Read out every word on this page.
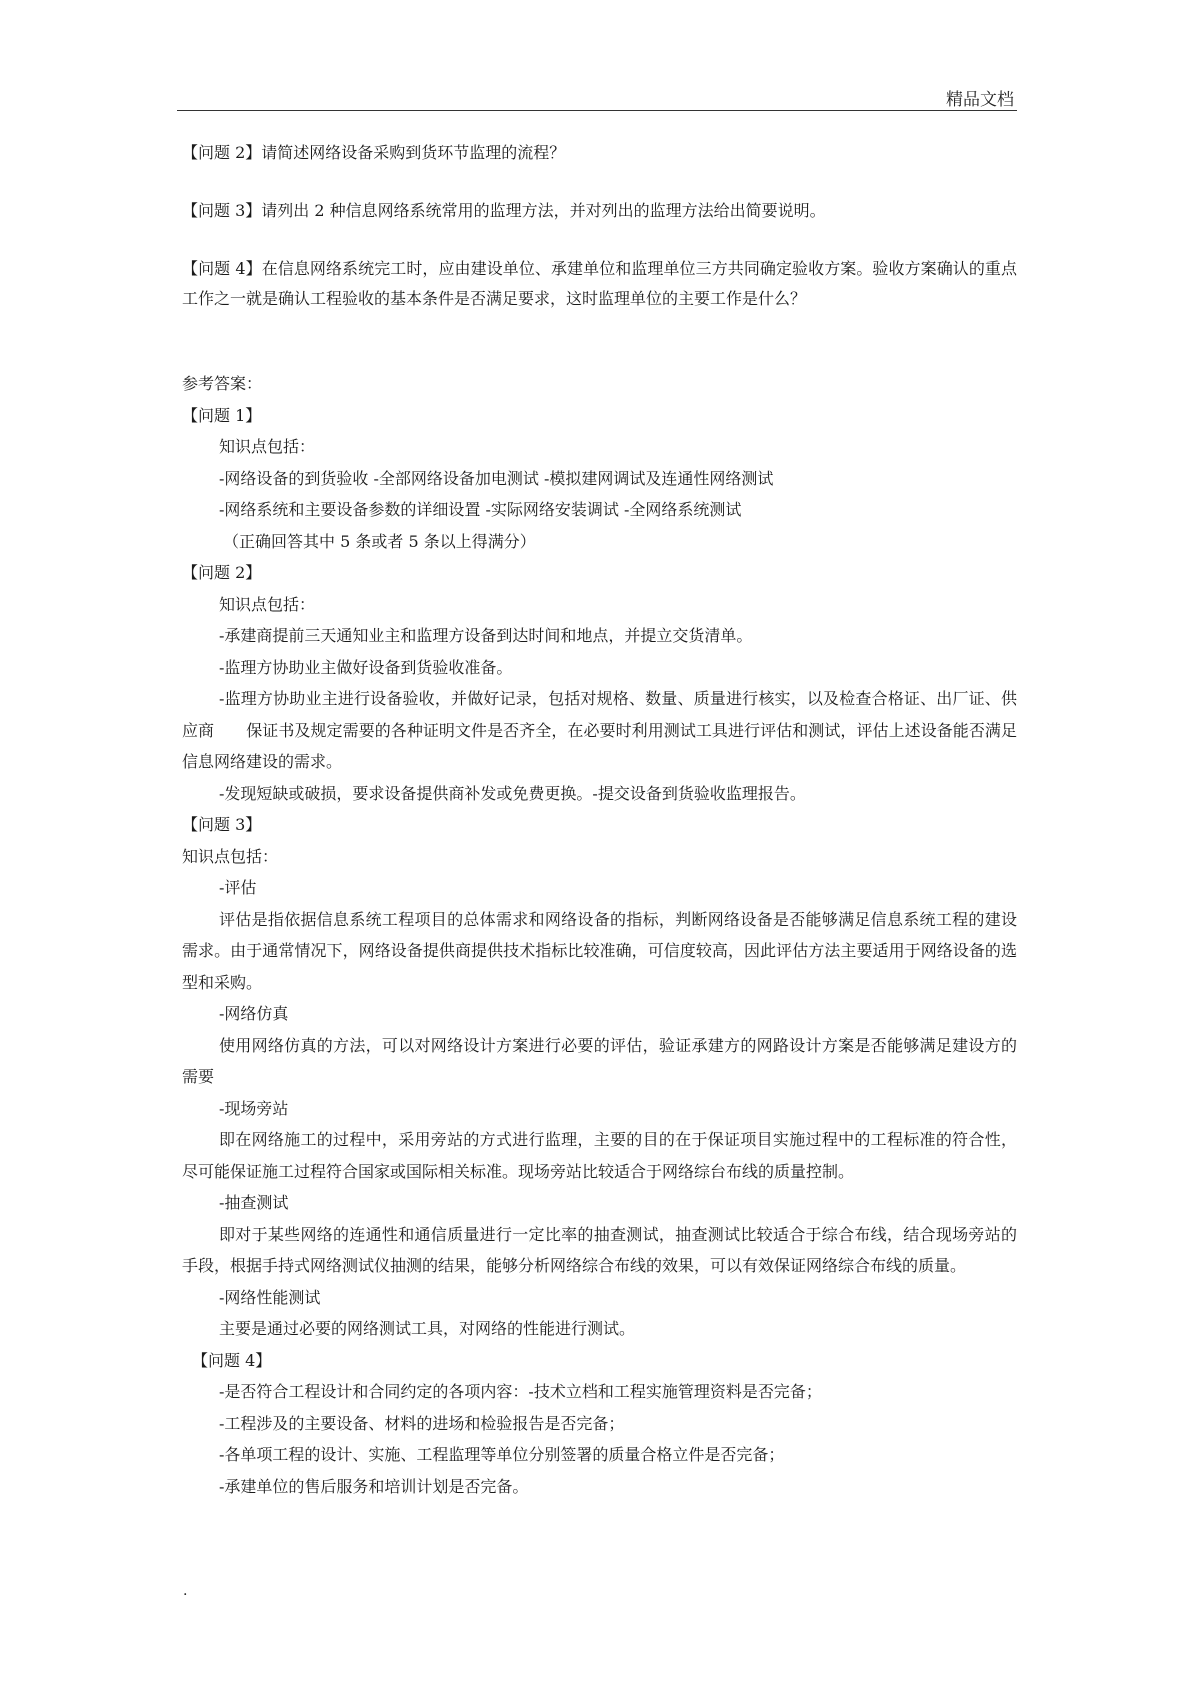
精品文档

【问题 2】请简述网络设备采购到货环节监理的流程？

【问题 3】请列出 2 种信息网络系统常用的监理方法，并对列出的监理方法给出简要说明。

【问题 4】在信息网络系统完工时，应由建设单位、承建单位和监理单位三方共同确定验收方案。验收方案确认的重点工作之一就是确认工程验收的基本条件是否满足要求，这时监理单位的主要工作是什么？

参考答案：

【问题 1】

知识点包括：

-网络设备的到货验收 -全部网络设备加电测试 -模拟建网调试及连通性网络测试

-网络系统和主要设备参数的详细设置 -实际网络安装调试 -全网络系统测试

（正确回答其中 5 条或者 5 条以上得满分）

【问题 2】

知识点包括：

-承建商提前三天通知业主和监理方设备到达时间和地点，并提立交货清单。

-监理方协助业主做好设备到货验收准备。

-监理方协助业主进行设备验收，并做好记录，包括对规格、数量、质量进行核实，以及检查合格证、出厂证、供应商　　保证书及规定需要的各种证明文件是否齐全，在必要时利用测试工具进行评估和测试，评估上述设备能否满足信息网络建设的需求。

-发现短缺或破损，要求设备提供商补发或免费更换。-提交设备到货验收监理报告。

【问题 3】

知识点包括：

-评估

评估是指依据信息系统工程项目的总体需求和网络设备的指标，判断网络设备是否能够满足信息系统工程的建设需求。由于通常情况下，网络设备提供商提供技术指标比较准确，可信度较高，因此评估方法主要适用于网络设备的选型和采购。

-网络仿真

使用网络仿真的方法，可以对网络设计方案进行必要的评估，验证承建方的网路设计方案是否能够满足建设方的需要

-现场旁站

即在网络施工的过程中，采用旁站的方式进行监理，主要的目的在于保证项目实施过程中的工程标准的符合性，尽可能保证施工过程符合国家或国际相关标准。现场旁站比较适合于网络综台布线的质量控制。

-抽查测试

即对于某些网络的连通性和通信质量进行一定比率的抽查测试，抽查测试比较适合于综合布线，结合现场旁站的手段，根据手持式网络测试仪抽测的结果，能够分析网络综合布线的效果，可以有效保证网络综合布线的质量。

-网络性能测试

主要是通过必要的网络测试工具，对网络的性能进行测试。

【问题 4】

-是否符合工程设计和合同约定的各项内容：-技术立档和工程实施管理资料是否完备；

-工程涉及的主要设备、材料的进场和检验报告是否完备；

-各单项工程的设计、实施、工程监理等单位分别签署的质量合格立件是否完备；

-承建单位的售后服务和培训计划是否完备。

.
